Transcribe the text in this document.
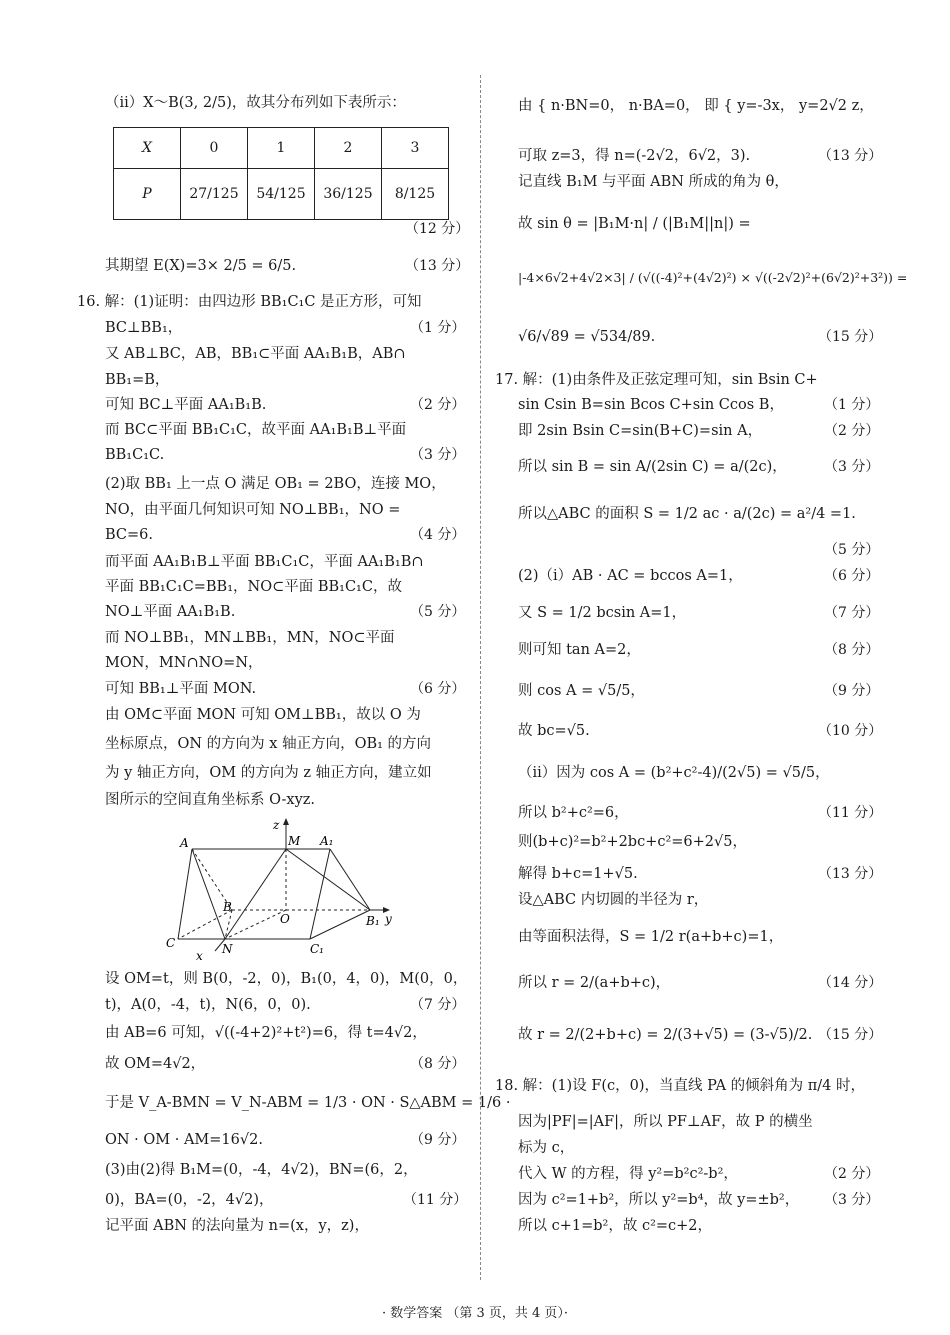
（ⅱ）X～B(3, 2/5)，故其分布列如下表所示：
X	0	1	2	3
P	27/125	54/125	36/125	8/125
（12 分）
其期望 E(X)=3× 2/5 = 6/5.	（13 分）
16. 解：(1)证明：由四边形 BB₁C₁C 是正方形，可知
BC⊥BB₁，	（1 分）
又 AB⊥BC，AB，BB₁⊂平面 AA₁B₁B，AB∩
BB₁=B，
可知 BC⊥平面 AA₁B₁B.	（2 分）
而 BC⊂平面 BB₁C₁C，故平面 AA₁B₁B⊥平面
BB₁C₁C.	（3 分）
(2)取 BB₁ 上一点 O 满足 OB₁ = 2BO，连接 MO，
NO，由平面几何知识可知 NO⊥BB₁，NO =
BC=6.	（4 分）
而平面 AA₁B₁B⊥平面 BB₁C₁C，平面 AA₁B₁B∩
平面 BB₁C₁C=BB₁，NO⊂平面 BB₁C₁C，故
NO⊥平面 AA₁B₁B.	（5 分）
而 NO⊥BB₁，MN⊥BB₁，MN，NO⊂平面
MON，MN∩NO=N，
可知 BB₁⊥平面 MON.	（6 分）
由 OM⊂平面 MON 可知 OM⊥BB₁，故以 O 为
坐标原点，ON 的方向为 x 轴正方向，OB₁ 的方向
为 y 轴正方向，OM 的方向为 z 轴正方向，建立如
图所示的空间直角坐标系 O-xyz.
A	M A₁
z
B
O	B₁ y
C
x N	C₁
设 OM=t，则 B(0，-2，0)，B₁(0，4，0)，M(0，0，
t)，A(0，-4，t)，N(6，0，0).	（7 分）
由 AB=6 可知，√((-4+2)²+t²)=6，得 t=4√2，
故 OM=4√2，	（8 分）
于是 V_A-BMN = V_N-ABM = 1/3 · ON · S△ABM = 1/6 ·
ON · OM · AM=16√2.	（9 分）
(3)由(2)得 B₁M=(0，-4，4√2)，BN=(6，2，
0)，BA=(0，-2，4√2)，	（11 分）
记平面 ABN 的法向量为 n=(x，y，z)，
由 { n·BN=0， n·BA=0， 即 { y=-3x， y=2√2 z，
可取 z=3，得 n=(-2√2，6√2，3).	（13 分）
记直线 B₁M 与平面 ABN 所成的角为 θ，
故 sin θ = |B₁M·n| / (|B₁M||n|) =
|-4×6√2+4√2×3| / (√((-4)²+(4√2)²) × √((-2√2)²+(6√2)²+3²)) =
√6/√89 = √534/89.	（15 分）
17. 解：(1)由条件及正弦定理可知，sin Bsin C+
sin Csin B=sin Bcos C+sin Ccos B，	（1 分）
即 2sin Bsin C=sin(B+C)=sin A，	（2 分）
所以 sin B = sin A/(2sin C) = a/(2c)，	（3 分）
所以△ABC 的面积 S = 1/2 ac · a/(2c) = a²/4 =1.
（5 分）
(2)（ⅰ）AB · AC = bccos A=1，	（6 分）
又 S = 1/2 bcsin A=1，	（7 分）
则可知 tan A=2，	（8 分）
则 cos A = √5/5，	（9 分）
故 bc=√5.	（10 分）
（ⅱ）因为 cos A = (b²+c²-4)/(2√5) = √5/5，
所以 b²+c²=6，	（11 分）
则(b+c)²=b²+2bc+c²=6+2√5，
解得 b+c=1+√5.	（13 分）
设△ABC 内切圆的半径为 r，
由等面积法得，S = 1/2 r(a+b+c)=1，
所以 r = 2/(a+b+c)，	（14 分）
故 r = 2/(2+b+c) = 2/(3+√5) = (3-√5)/2. （15 分）
18. 解：(1)设 F(c，0)，当直线 PA 的倾斜角为 π/4 时，
因为|PF|=|AF|，所以 PF⊥AF，故 P 的横坐
标为 c，
代入 W 的方程，得 y²=b²c²-b²，	（2 分）
因为 c²=1+b²，所以 y²=b⁴，故 y=±b²， （3 分）
所以 c+1=b²，故 c²=c+2，
· 数学答案 （第 3 页，共 4 页）·
